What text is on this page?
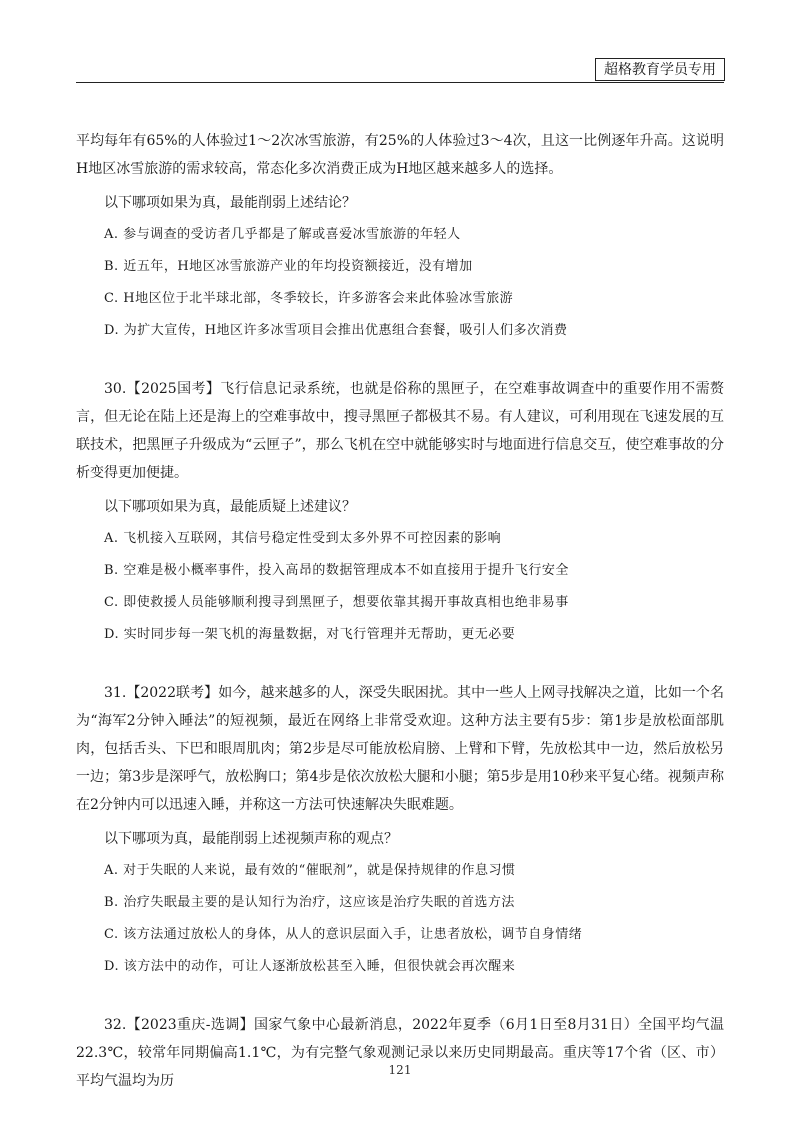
超格教育学员专用

平均每年有65%的人体验过1～2次冰雪旅游，有25%的人体验过3～4次，且这一比例逐年升高。这说明H地区冰雪旅游的需求较高，常态化多次消费正成为H地区越来越多人的选择。

以下哪项如果为真，最能削弱上述结论？

A. 参与调查的受访者几乎都是了解或喜爱冰雪旅游的年轻人

B. 近五年，H地区冰雪旅游产业的年均投资额接近，没有增加

C. H地区位于北半球北部，冬季较长，许多游客会来此体验冰雪旅游

D. 为扩大宣传，H地区许多冰雪项目会推出优惠组合套餐，吸引人们多次消费

30.【2025国考】飞行信息记录系统，也就是俗称的黑匣子，在空难事故调查中的重要作用不需赘言，但无论在陆上还是海上的空难事故中，搜寻黑匣子都极其不易。有人建议，可利用现在飞速发展的互联技术，把黑匣子升级成为“云匣子”，那么飞机在空中就能够实时与地面进行信息交互，使空难事故的分析变得更加便捷。

以下哪项如果为真，最能质疑上述建议？

A. 飞机接入互联网，其信号稳定性受到太多外界不可控因素的影响

B. 空难是极小概率事件，投入高昂的数据管理成本不如直接用于提升飞行安全

C. 即使救援人员能够顺利搜寻到黑匣子，想要依靠其揭开事故真相也绝非易事

D. 实时同步每一架飞机的海量数据，对飞行管理并无帮助，更无必要

31.【2022联考】如今，越来越多的人，深受失眠困扰。其中一些人上网寻找解决之道，比如一个名为“海军2分钟入睡法”的短视频，最近在网络上非常受欢迎。这种方法主要有5步：第1步是放松面部肌肉，包括舌头、下巴和眼周肌肉；第2步是尽可能放松肩膀、上臂和下臂，先放松其中一边，然后放松另一边；第3步是深呼气，放松胸口；第4步是依次放松大腿和小腿；第5步是用10秒来平复心绪。视频声称在2分钟内可以迅速入睡，并称这一方法可快速解决失眠难题。

以下哪项为真，最能削弱上述视频声称的观点？

A. 对于失眠的人来说，最有效的“催眠剂”，就是保持规律的作息习惯

B. 治疗失眠最主要的是认知行为治疗，这应该是治疗失眠的首选方法

C. 该方法通过放松人的身体，从人的意识层面入手，让患者放松，调节自身情绪

D. 该方法中的动作，可让人逐渐放松甚至入睡，但很快就会再次醒来

32.【2023重庆-选调】国家气象中心最新消息，2022年夏季（6月1日至8月31日）全国平均气温22.3℃，较常年同期偏高1.1℃，为有完整气象观测记录以来历史同期最高。重庆等17个省（区、市）平均气温均为历

121
